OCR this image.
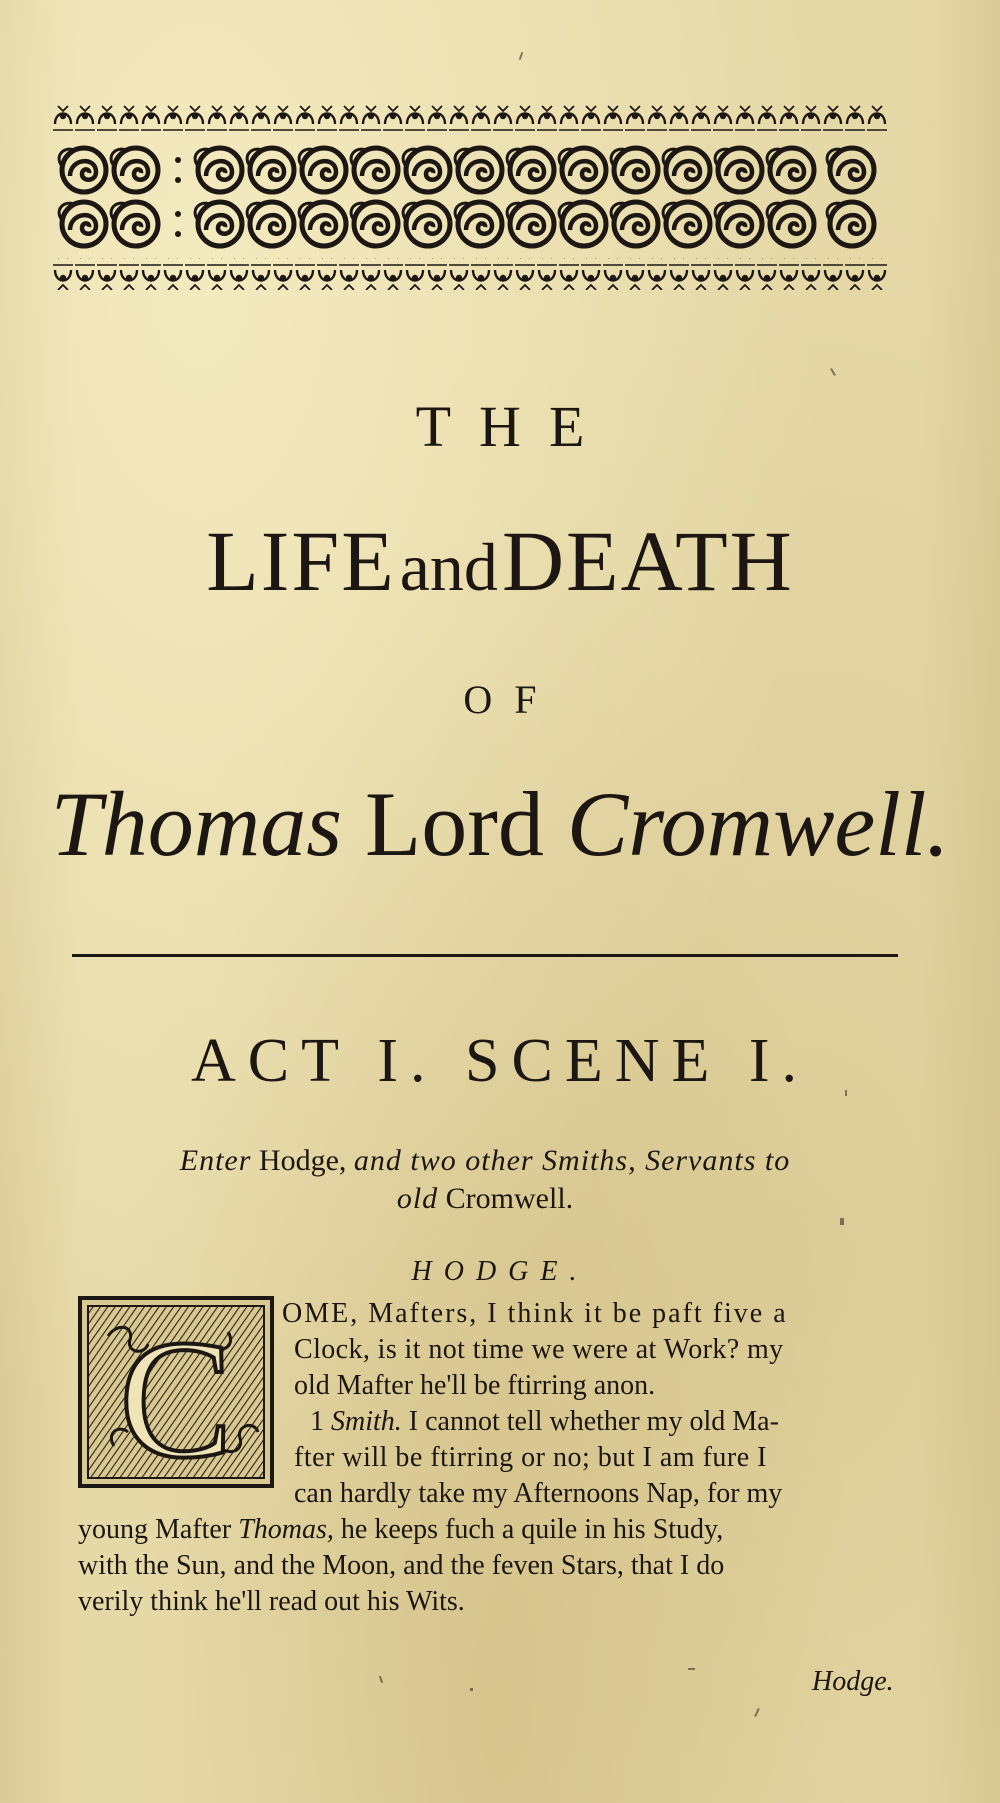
THE
LIFE and DEATH
OF
Thomas Lord Cromwell.
ACT I. SCENE I.
Enter Hodge, and two other Smiths, Servants to
old Cromwell.
HODGE.
C OME, Mafters, I think it be paft five a
Clock, is it not time we were at Work? my
old Mafter he'll be ftirring anon.
1 Smith. I cannot tell whether my old Ma-
fter will be ftirring or no; but I am fure I
can hardly take my Afternoons Nap, for my
young Mafter Thomas, he keeps fuch a quile in his Study,
with the Sun, and the Moon, and the feven Stars, that I do
verily think he'll read out his Wits.
Hodge.
